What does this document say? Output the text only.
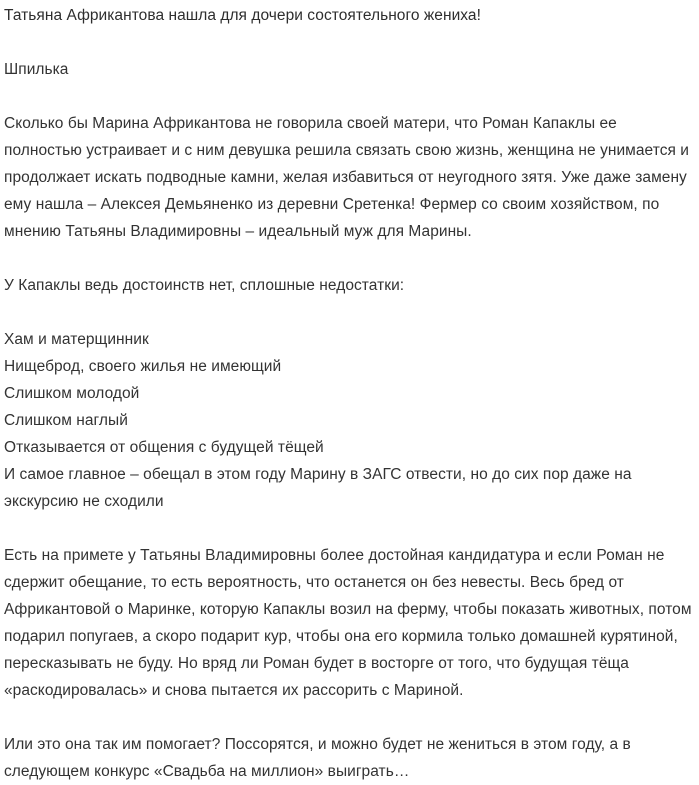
Татьяна Африкантова нашла для дочери состоятельного жениха!

Шпилька

Сколько бы Марина Африкантова не говорила своей матери, что Роман Капаклы ее полностью устраивает и с ним девушка решила связать свою жизнь, женщина не унимается и продолжает искать подводные камни, желая избавиться от неугодного зятя. Уже даже замену ему нашла – Алексея Демьяненко из деревни Сретенка! Фермер со своим хозяйством, по мнению Татьяны Владимировны – идеальный муж для Марины.

У Капаклы ведь достоинств нет, сплошные недостатки:

Хам и матерщинник
Нищеброд, своего жилья не имеющий
Слишком молодой
Слишком наглый
Отказывается от общения с будущей тёщей
И самое главное – обещал в этом году Марину в ЗАГС отвести, но до сих пор даже на экскурсию не сходили

Есть на примете у Татьяны Владимировны более достойная кандидатура и если Роман не сдержит обещание, то есть вероятность, что останется он без невесты. Весь бред от Африкантовой о Маринке, которую Капаклы возил на ферму, чтобы показать животных, потом подарил попугаев, а скоро подарит кур, чтобы она его кормила только домашней курятиной, пересказывать не буду. Но вряд ли Роман будет в восторге от того, что будущая тёща «раскодировалась» и снова пытается их рассорить с Мариной.

Или это она так им помогает? Поссорятся, и можно будет не жениться в этом году, а в следующем конкурс «Свадьба на миллион» выиграть…
